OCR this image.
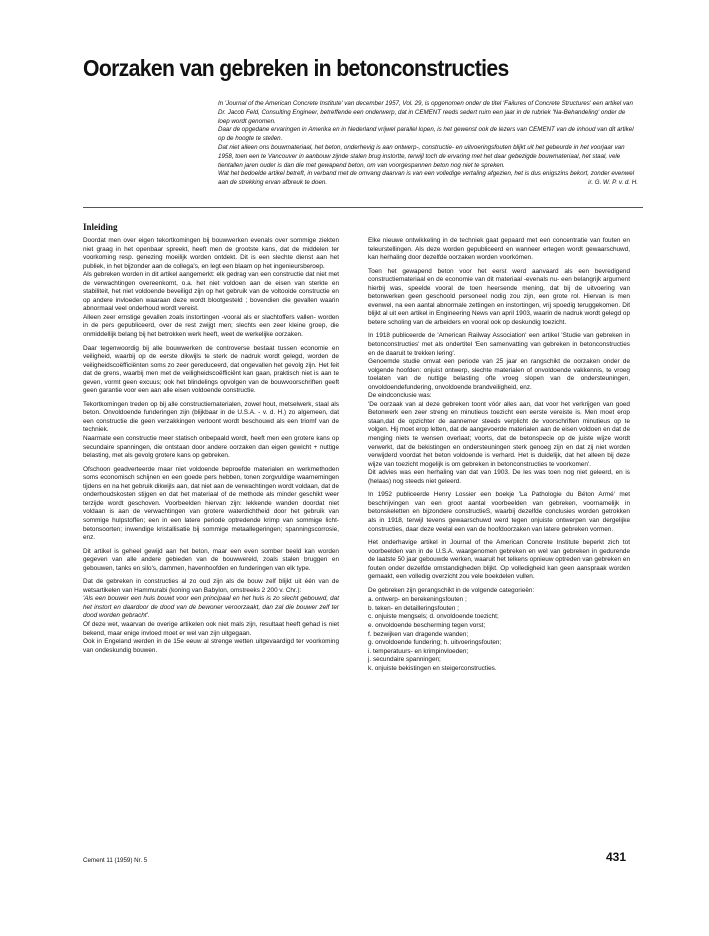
Oorzaken van gebreken in betonconstructies

In 'Journal of the American Concrete Institute' van december 1957, Vol. 29, is opgenomen onder de titel 'Failures of Concrete Structures' een artikel van Dr. Jacob Feld, Consulting Engineer, betreffende een onderwerp, dat in CEMENT reeds sedert ruim een jaar in de rubriek 'Na-Behandeling' onder de loep wordt genomen.

Daar de opgedane ervaringen in Amerika en in Nederland vrijwel parallel lopen, is het gewenst ook de lezers van CEMENT van de inhoud van dit artikel op de hoogte te stellen.

Dat niet alleen ons bouwmateriaal, het beton, onderhevig is aan ontwerp-, constructie- en uitvoeringsfouten blijkt uit het gebeurde in het voorjaar van 1958, toen een te Vancouver in aanbouw zijnde stalen brug instortte, terwijl toch de ervaring met het daar gebezigde bouwmateriaal, het staal, vele tientallen jaren ouder is dan die met gewapend beton, om van voorgespannen beton nog niet te spreken.

Wat het bedoelde artikel betreft, in verband met de omvang daarvan is van een volledige vertaling afgezien, het is dus enigszins bekort, zonder evenwel aan de strekking ervan afbreuk te doen.	ir. G. W. P. v. d. H.
Inleiding

Doordat men over eigen tekortkomingen bij bouwwerken evenals over sommige ziekten niet graag in het openbaar spreekt, heeft men de grootste kans, dat de middelen ter voorkoming resp. genezing moeilijk worden ontdekt. Dit is een slechte dienst aan het publiek, in het bijzonder aan de collega's, en legt een blaam op het ingenieursberoep.

Als gebreken worden in dit artikel aangemerkt: elk gedrag van een constructie dat niet met de verwachtingen overeenkomt, o.a. het niet voldoen aan de eisen van sterkte en stabiliteit, het niet voldoende beveiligd zijn op het gebruik van de voltooide constructie en op andere invloeden waaraan deze wordt blootgesteld ; bovendien die gevallen waarin abnormaal veel onderhoud wordt vereist.

Alleen zeer ernstige gevallen zoals instortingen -vooral als er slachtoffers vallen- worden in de pers gepubliceerd, over de rest zwijgt men; slechts een zeer kleine groep, die onmiddellijk belang bij het betrokken werk heeft, weet de werkelijke oorzaken.

Daar tegenwoordig bij alle bouwwerken de controverse bestaat tussen economie en veiligheid, waarbij op de eerste dikwijls te sterk de nadruk wordt gelegd, worden de veiligheidscoëfficiënten soms zo zeer gereduceerd, dat ongevallen het gevolg zijn. Het feit dat de grens, waarbij men met de veiligheidscoëfficiënt kan gaan, praktisch niet is aan te geven, vormt geen excuus; ook het blindelings opvolgen van de bouwvoorschriften geeft geen garantie voor een aan alle eisen voldoende constructie.

Tekortkomingen treden op bij alle constructiematerialen, zowel hout, metselwerk, staal als beton. Onvoldoende funderingen zijn (blijkbaar in de U.S.A. - v. d. H.) zo algemeen, dat een constructie die geen verzakkingen vertoont wordt beschouwd als een triomf van de techniek.

Naarmate een constructie meer statisch onbepaald wordt, heeft men een grotere kans op secundaire spanningen, die ontstaan door andere oorzaken dan eigen gewicht + nuttige belasting, met als gevolg grotere kans op gebreken.

Ofschoon geadverteerde maar niet voldoende beproefde materialen en werkmethoden soms economisch schijnen en een goede pers hebben, tonen zorgvuldige waarnemingen tijdens en na het gebruik dikwijls aan, dat niet aan de verwachtingen wordt voldaan, dat de onderhoudskosten stijgen en dat het materiaal of de methode als minder geschikt weer terzijde wordt geschoven. Voorbeelden hiervan zijn: lekkende wanden doordat niet voldaan is aan de verwachtingen van grotere waterdichtheid door het gebruik van sommige hulpstoffen; een in een latere periode optredende krimp van sommige licht-betonsoorten; inwendige kristallisatie bij sommige metaallegeringen; spanningscorrosie, enz.

Dit artikel is geheel gewijd aan het beton, maar een even somber beeld kan worden gegeven van alle andere gebieden van de bouwwereld, zoals stalen bruggen en gebouwen, tanks en silo's, dammen, havenhoofden en funderingen van elk type.

Dat de gebreken in constructies al zo oud zijn als de bouw zelf blijkt uit één van de wetsartikelen van Hammurabi (koning van Babylon, omstreeks 2 200 v. Chr.):

'Als een bouwer een huis bouwt voor een principaal en het huis is zo slecht gebouwd, dat het instort en daardoor de dood van de bewoner veroorzaakt, dan zal die bouwer zelf ter dood worden gebracht'.

Of deze wet, waarvan de overige artikelen ook niet mals zijn, resultaat heeft gehad is niet bekend, maar enige invloed moet er wel van zijn uitgegaan.

Ook in Engeland werden in de 15e eeuw al strenge wetten uitgevaardigd ter voorkoming van ondeskundig bouwen.

Elke nieuwe ontwikkeling in de techniek gaat gepaard met een concentratie van fouten en teleurstellingen. Als deze worden gepubliceerd en wanneer ertegen wordt gewaarschuwd, kan herhaling door dezelfde oorzaken worden voorkómen.

Toen het gewapend beton voor het eerst werd aanvaard als een bevredigend constructiemateriaal en de economie van dit materiaal -evenals nu- een belangrijk argument hierbij was, speelde vooral de toen heersende mening, dat bij de uitvoering van betonwerken geen geschoold personeel nodig zou zijn, een grote rol. Hiervan is men evenwel, na een aantal abnormale zettingen en instortingen, vrij spoedig teruggekomen. Dit blijkt al uit een artikel in Engineering News van april 1903, waarin de nadruk wordt gelegd op betere scholing van de arbeiders en vooral ook op deskundig toezicht.

In 1918 publiceerde de 'American Railway Association' een artikel 'Studie van gebreken in betonconstructies' met als ondertitel 'Een samenvatting van gebreken in betonconstructies en de daaruit te trekken lering'.

Genoemde studie omvat een periode van 25 jaar en rangschikt de oorzaken onder de volgende hoofden: onjuist ontwerp, slechte materialen of onvoldoende vakkennis, te vroeg toelaten van de nuttige belasting ofte vroeg slopen van de ondersteuningen, onvoldoendefundering, onvoldoende brandveiligheid, enz.

De eindconclusie was:

'De oorzaak van al deze gebreken toont vóór alles aan, dat voor het verkrijgen van goed Betonwerk een zeer streng en minutieus toezicht een eerste vereiste is. Men moet erop staan,dat de opzichter de aannemer steeds verplicht de voorschriften minutieus op te volgen. Hij moet erop letten, dat de aangevoerde materialen aan de eisen voldoen en dat de menging niets te wensen overlaat; voorts, dat de betonspecie op de juiste wijze wordt verwerkt, dat de bekistingen en ondersteuningen sterk genoeg zijn en dat zij niet worden verwijderd voordat het beton voldoende is verhard. Het is duidelijk, dat het alleen bij deze wijze van toezicht mogelijk is om gebreken in betonconstructies te voorkomen'.

Dit advies was een herhaling van dat van 1903. De les was toen nog niet geleerd, en is (helaas) nog steeds niet geleerd.

In 1952 publiceerde Henry Lossier een boekje 'La Pathologie du Béton Armé' met beschrijvingen van een groot aantal voorbeelden van gebreken, voornamelijk in betonskeletten en bijzondere constructieS, waarbij dezelfde conclusies worden getrokken als in 1918, terwijl tevens gewaarschuwd werd tegen onjuiste ontwerpen van dergelijke constructies, daar deze veelal een van de hoofdoorzaken van latere gebreken vormen.

Het onderhavige artikel in Journal of the American Concrete Institute beperkt zich tot voorbeelden van in de U.S.A. waargenomen gebreken en wel van gebreken in gedurende de laatste 50 jaar gebouwde werken, waaruit het telkens opnieuw optreden van gebreken en fouten onder dezelfde omstandigheden blijkt. Op volledigheid kan geen aanspraak worden gemaakt, een volledig overzicht zou vele boekdelen vullen.

De gebreken zijn gerangschikt in de volgende categorieën:

a. ontwerp- en berekeningsfouten ;
b. teken- en detailleringsfouten ;
c. onjuiste mengsels; d. onvoldoende toezicht;
e. onvoldoende bescherming tegen vorst;
f. bezwijken van dragende wanden;
g. onvoldoende fundering; h. uitvoeringsfouten;
i. temperatuurs- en krimpinvloeden;
j. secundaire spanningen;
k. onjuiste bekistingen en steigerconstructies.
Cement 11 (1959) Nr. 5	431
